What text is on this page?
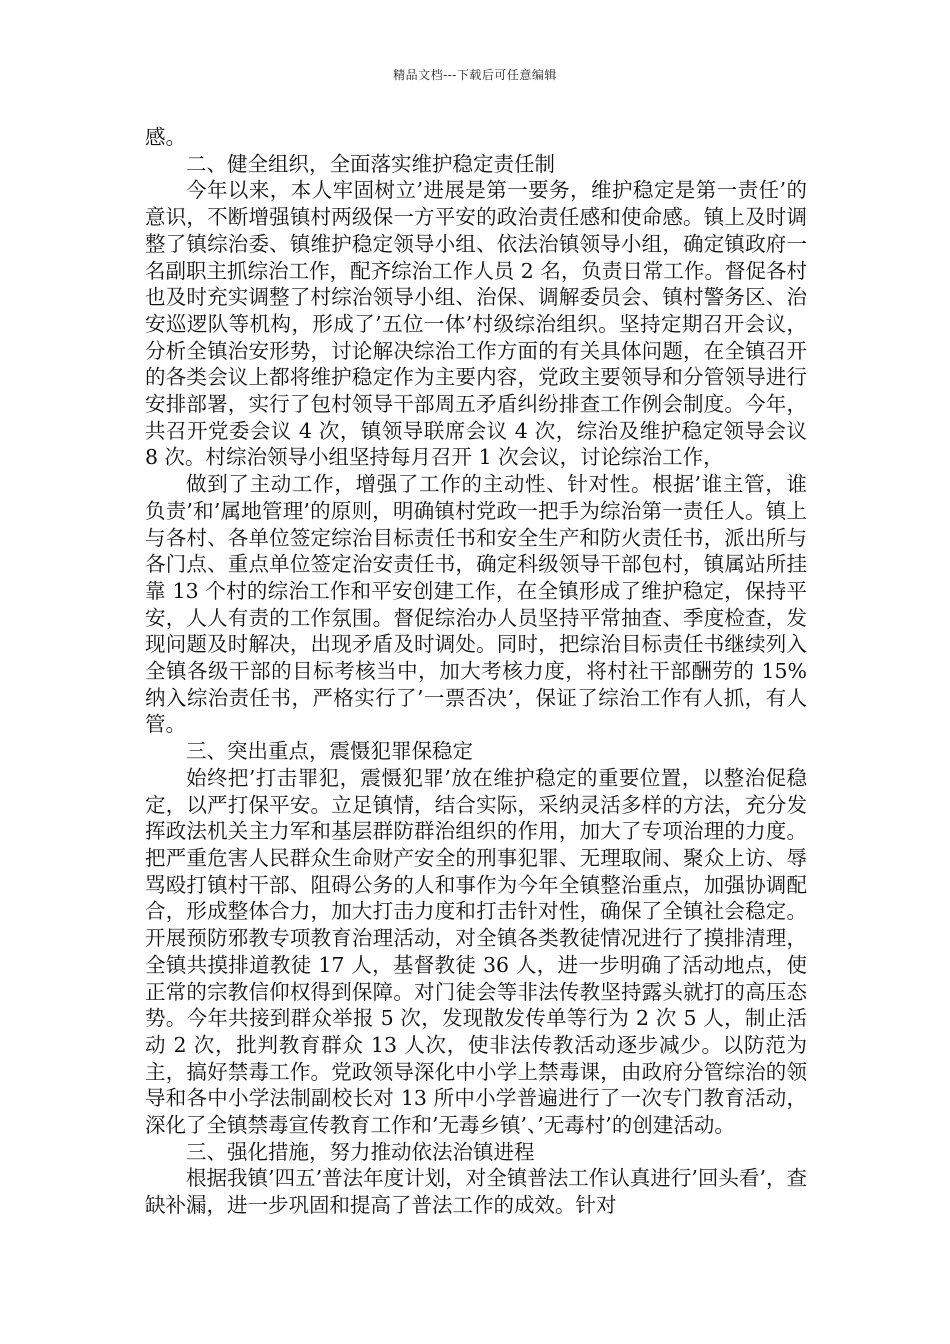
精品文档---下载后可任意编辑

感。

二、健全组织，全面落实维护稳定责任制

今年以来，本人牢固树立’进展是第一要务，维护稳定是第一责任’的意识，不断增强镇村两级保一方平安的政治责任感和使命感。镇上及时调整了镇综治委、镇维护稳定领导小组、依法治镇领导小组，确定镇政府一名副职主抓综治工作，配齐综治工作人员 2 名，负责日常工作。督促各村也及时充实调整了村综治领导小组、治保、调解委员会、镇村警务区、治安巡逻队等机构，形成了’五位一体’村级综治组织。坚持定期召开会议，分析全镇治安形势，讨论解决综治工作方面的有关具体问题，在全镇召开的各类会议上都将维护稳定作为主要内容，党政主要领导和分管领导进行安排部署，实行了包村领导干部周五矛盾纠纷排查工作例会制度。今年，共召开党委会议 4 次，镇领导联席会议 4 次，综治及维护稳定领导会议 8 次。村综治领导小组坚持每月召开 1 次会议，讨论综治工作，

做到了主动工作，增强了工作的主动性、针对性。根据’谁主管，谁负责’和’属地管理’的原则，明确镇村党政一把手为综治第一责任人。镇上与各村、各单位签定综治目标责任书和安全生产和防火责任书，派出所与各门点、重点单位签定治安责任书，确定科级领导干部包村，镇属站所挂靠 13 个村的综治工作和平安创建工作，在全镇形成了维护稳定，保持平安，人人有责的工作氛围。督促综治办人员坚持平常抽查、季度检查，发现问题及时解决，出现矛盾及时调处。同时，把综治目标责任书继续列入全镇各级干部的目标考核当中，加大考核力度，将村社干部酬劳的 15%纳入综治责任书，严格实行了’一票否决’，保证了综治工作有人抓，有人管。

三、突出重点，震慑犯罪保稳定

始终把’打击罪犯，震慑犯罪’放在维护稳定的重要位置，以整治促稳定，以严打保平安。立足镇情，结合实际，采纳灵活多样的方法，充分发挥政法机关主力军和基层群防群治组织的作用，加大了专项治理的力度。把严重危害人民群众生命财产安全的刑事犯罪、无理取闹、聚众上访、辱骂殴打镇村干部、阻碍公务的人和事作为今年全镇整治重点，加强协调配合，形成整体合力，加大打击力度和打击针对性，确保了全镇社会稳定。开展预防邪教专项教育治理活动，对全镇各类教徒情况进行了摸排清理，全镇共摸排道教徒 17 人，基督教徒 36 人，进一步明确了活动地点，使正常的宗教信仰权得到保障。对门徒会等非法传教坚持露头就打的高压态势。今年共接到群众举报 5 次，发现散发传单等行为 2 次 5 人，制止活动 2 次，批判教育群众 13 人次，使非法传教活动逐步减少。以防范为主，搞好禁毒工作。党政领导深化中小学上禁毒课，由政府分管综治的领导和各中小学法制副校长对 13 所中小学普遍进行了一次专门教育活动，深化了全镇禁毒宣传教育工作和’无毒乡镇’、’无毒村’的创建活动。

三、强化措施，努力推动依法治镇进程

根据我镇’四五’普法年度计划，对全镇普法工作认真进行’回头看’，查缺补漏，进一步巩固和提高了普法工作的成效。针对
